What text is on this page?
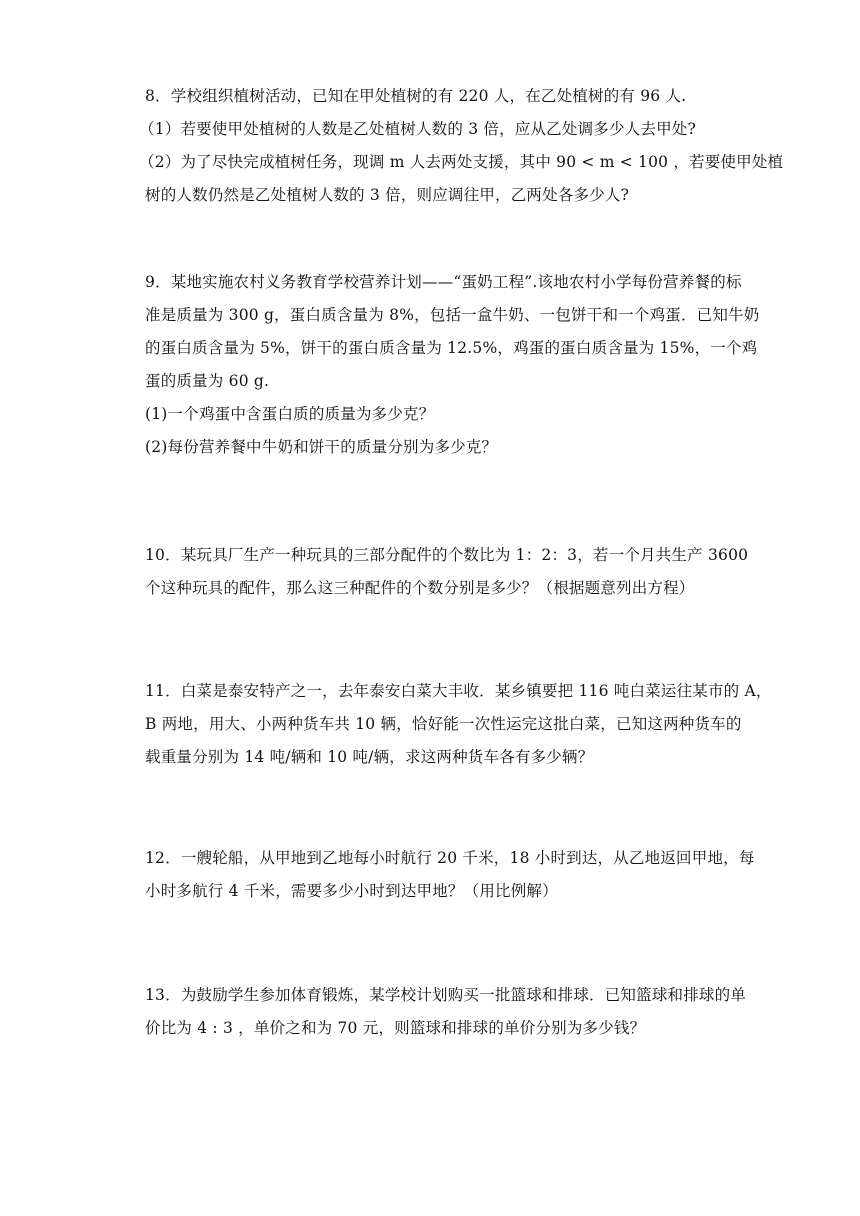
8．学校组织植树活动，已知在甲处植树的有 220 人，在乙处植树的有 96 人.
（1）若要使甲处植树的人数是乙处植树人数的 3 倍，应从乙处调多少人去甲处?
（2）为了尽快完成植树任务，现调 m 人去两处支援，其中 90 < m < 100 ，若要使甲处植
树的人数仍然是乙处植树人数的 3 倍，则应调往甲，乙两处各多少人?
9．某地实施农村义务教育学校营养计划——“蛋奶工程”.该地农村小学每份营养餐的标
准是质量为 300 g，蛋白质含量为 8%，包括一盒牛奶、一包饼干和一个鸡蛋．已知牛奶
的蛋白质含量为 5%，饼干的蛋白质含量为 12.5%，鸡蛋的蛋白质含量为 15%，一个鸡
蛋的质量为 60 g.
(1)一个鸡蛋中含蛋白质的质量为多少克？
(2)每份营养餐中牛奶和饼干的质量分别为多少克？
10．某玩具厂生产一种玩具的三部分配件的个数比为 1：2：3，若一个月共生产 3600
个这种玩具的配件，那么这三种配件的个数分别是多少？（根据题意列出方程）
11．白菜是泰安特产之一，去年泰安白菜大丰收．某乡镇要把 116 吨白菜运往某市的 A，
B 两地，用大、小两种货车共 10 辆，恰好能一次性运完这批白菜，已知这两种货车的
载重量分别为 14 吨/辆和 10 吨/辆，求这两种货车各有多少辆？
12．一艘轮船，从甲地到乙地每小时航行 20 千米，18 小时到达，从乙地返回甲地，每
小时多航行 4 千米，需要多少小时到达甲地？（用比例解）
13．为鼓励学生参加体育锻炼，某学校计划购买一批篮球和排球．已知篮球和排球的单
价比为 4 : 3 ，单价之和为 70 元，则篮球和排球的单价分别为多少钱？
